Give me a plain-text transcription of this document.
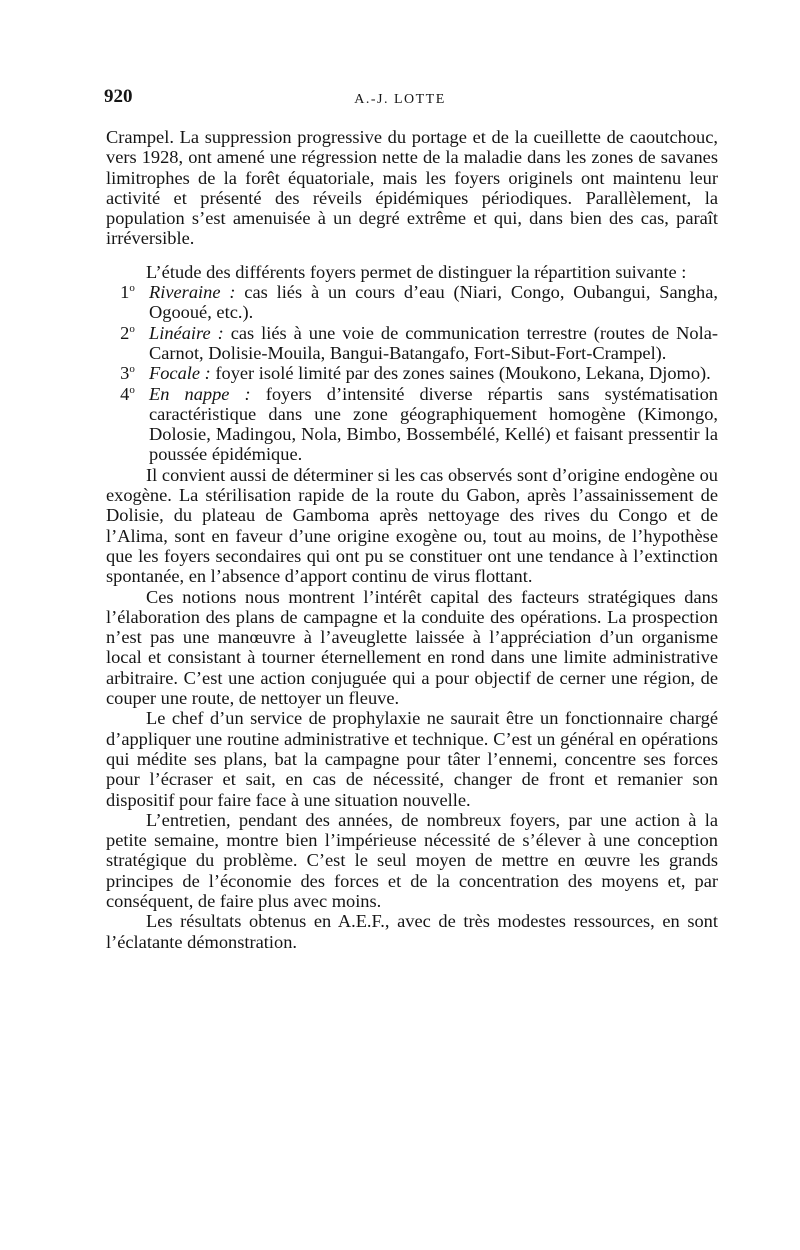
920	A.-J. LOTTE

Crampel. La suppression progressive du portage et de la cueillette de caoutchouc, vers 1928, ont amené une régression nette de la maladie dans les zones de savanes limitrophes de la forêt équatoriale, mais les foyers originels ont maintenu leur activité et présenté des réveils épidémiques périodiques. Parallèlement, la population s’est amenuisée à un degré extrême et qui, dans bien des cas, paraît irréversible.

L’étude des différents foyers permet de distinguer la répartition suivante :

1$^o$ Riveraine : cas liés à un cours d’eau (Niari, Congo, Oubangui, Sangha, Ogooué, etc.).
2$^o$ Linéaire : cas liés à une voie de communication terrestre (routes de Nola-Carnot, Dolisie-Mouila, Bangui-Batangafo, Fort-Sibut-Fort-Crampel).
3$^o$ Focale : foyer isolé limité par des zones saines (Moukono, Lekana, Djomo).
4$^o$ En nappe : foyers d’intensité diverse répartis sans systématisation caractéristique dans une zone géographiquement homogène (Kimongo, Dolosie, Madingou, Nola, Bimbo, Bossembélé, Kellé) et faisant pressentir la poussée épidémique.

Il convient aussi de déterminer si les cas observés sont d’origine endogène ou exogène. La stérilisation rapide de la route du Gabon, après l’assainissement de Dolisie, du plateau de Gamboma après nettoyage des rives du Congo et de l’Alima, sont en faveur d’une origine exogène ou, tout au moins, de l’hypothèse que les foyers secondaires qui ont pu se constituer ont une tendance à l’extinction spontanée, en l’absence d’apport continu de virus flottant.

Ces notions nous montrent l’intérêt capital des facteurs stratégiques dans l’élaboration des plans de campagne et la conduite des opérations. La prospection n’est pas une manœuvre à l’aveuglette laissée à l’appréciation d’un organisme local et consistant à tourner éternellement en rond dans une limite administrative arbitraire. C’est une action conjuguée qui a pour objectif de cerner une région, de couper une route, de nettoyer un fleuve.

Le chef d’un service de prophylaxie ne saurait être un fonctionnaire chargé d’appliquer une routine administrative et technique. C’est un général en opérations qui médite ses plans, bat la campagne pour tâter l’ennemi, concentre ses forces pour l’écraser et sait, en cas de nécessité, changer de front et remanier son dispositif pour faire face à une situation nouvelle.

L’entretien, pendant des années, de nombreux foyers, par une action à la petite semaine, montre bien l’impérieuse nécessité de s’élever à une conception stratégique du problème. C’est le seul moyen de mettre en œuvre les grands principes de l’économie des forces et de la concentration des moyens et, par conséquent, de faire plus avec moins.

Les résultats obtenus en A.E.F., avec de très modestes ressources, en sont l’éclatante démonstration.
